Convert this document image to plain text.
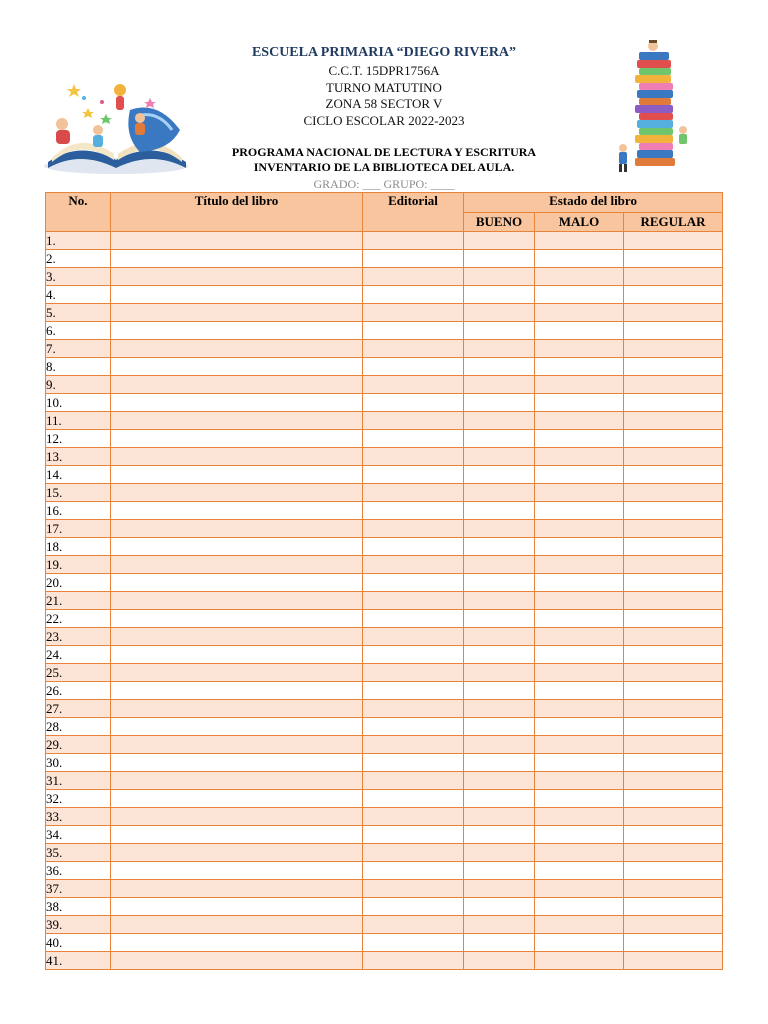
ESCUELA PRIMARIA “DIEGO RIVERA”
C.C.T. 15DPR1756A
TURNO MATUTINO
ZONA 58 SECTOR V
CICLO ESCOLAR 2022-2023
PROGRAMA NACIONAL DE LECTURA Y ESCRITURA
INVENTARIO DE LA BIBLIOTECA DEL AULA.
GRADO: ___ GRUPO: ____
No.	Título del libro	Editorial	Estado del libro		
			BUENO	MALO	REGULAR
1.					
2.					
3.					
4.					
5.					
6.					
7.					
8.					
9.					
10.					
11.					
12.					
13.					
14.					
15.					
16.					
17.					
18.					
19.					
20.					
21.					
22.					
23.					
24.					
25.					
26.					
27.					
28.					
29.					
30.					
31.					
32.					
33.					
34.					
35.					
36.					
37.					
38.					
39.					
40.					
41.					
